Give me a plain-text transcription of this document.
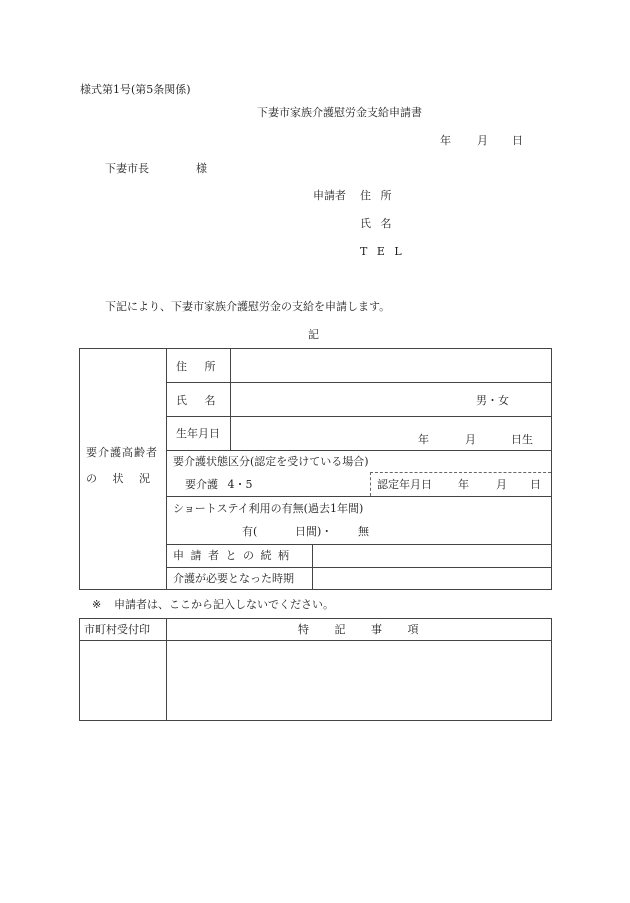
様式第1号(第5条関係)
下妻市家族介護慰労金支給申請書
年 月 日
下妻市長	様
申請者 住 所
氏 名
T E L
下記により、下妻市家族介護慰労金の支給を申請します。
記
要介護高齢者
の 状 況
住 所
氏 名	男・女
生年月日	年	月	日生
要介護状態区分(認定を受けている場合)
要介護 4・5	認定年月日 年 月 日
ショートステイ利用の有無(過去1年間)
有(	日間)・ 無
申 請 者 と の 続 柄
介護が必要となった時期
※ 申請者は、ここから記入しないでください。
市町村受付印	特 記 事 項
